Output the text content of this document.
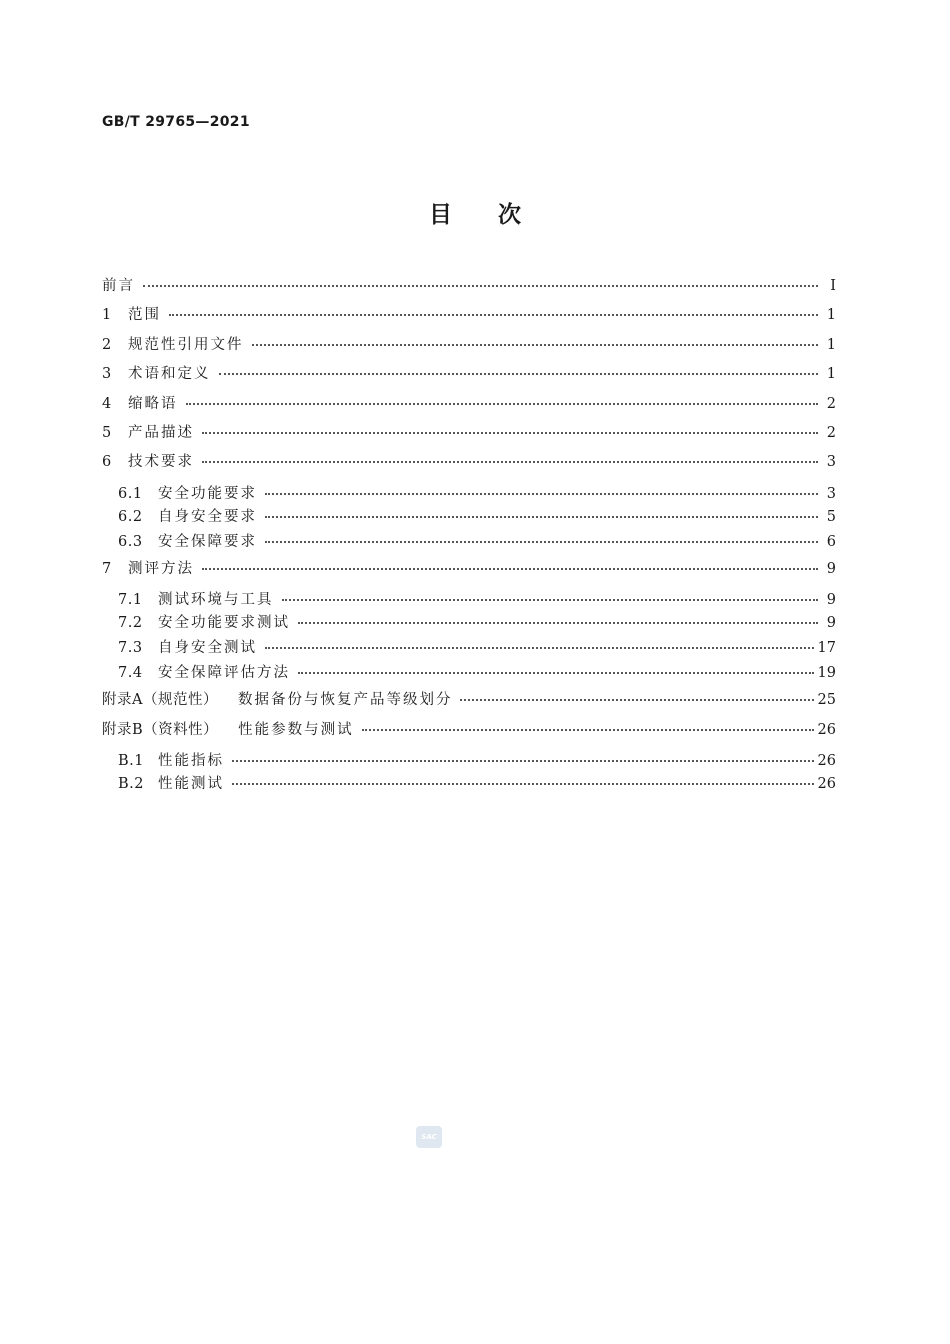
GB/T 29765—2021
目次
前言	I
1	范围	1
2	规范性引用文件	1
3	术语和定义	1
4	缩略语	2
5	产品描述	2
6	技术要求	3
6.1	安全功能要求	3
6.2	自身安全要求	5
6.3	安全保障要求	6
7	测评方法	9
7.1	测试环境与工具	9
7.2	安全功能要求测试	9
7.3	自身安全测试	17
7.4	安全保障评估方法	19
附录A（规范性） 数据备份与恢复产品等级划分	25
附录B（资料性） 性能参数与测试	26
B.1 性能指标	26
B.2 性能测试	26
SAC
